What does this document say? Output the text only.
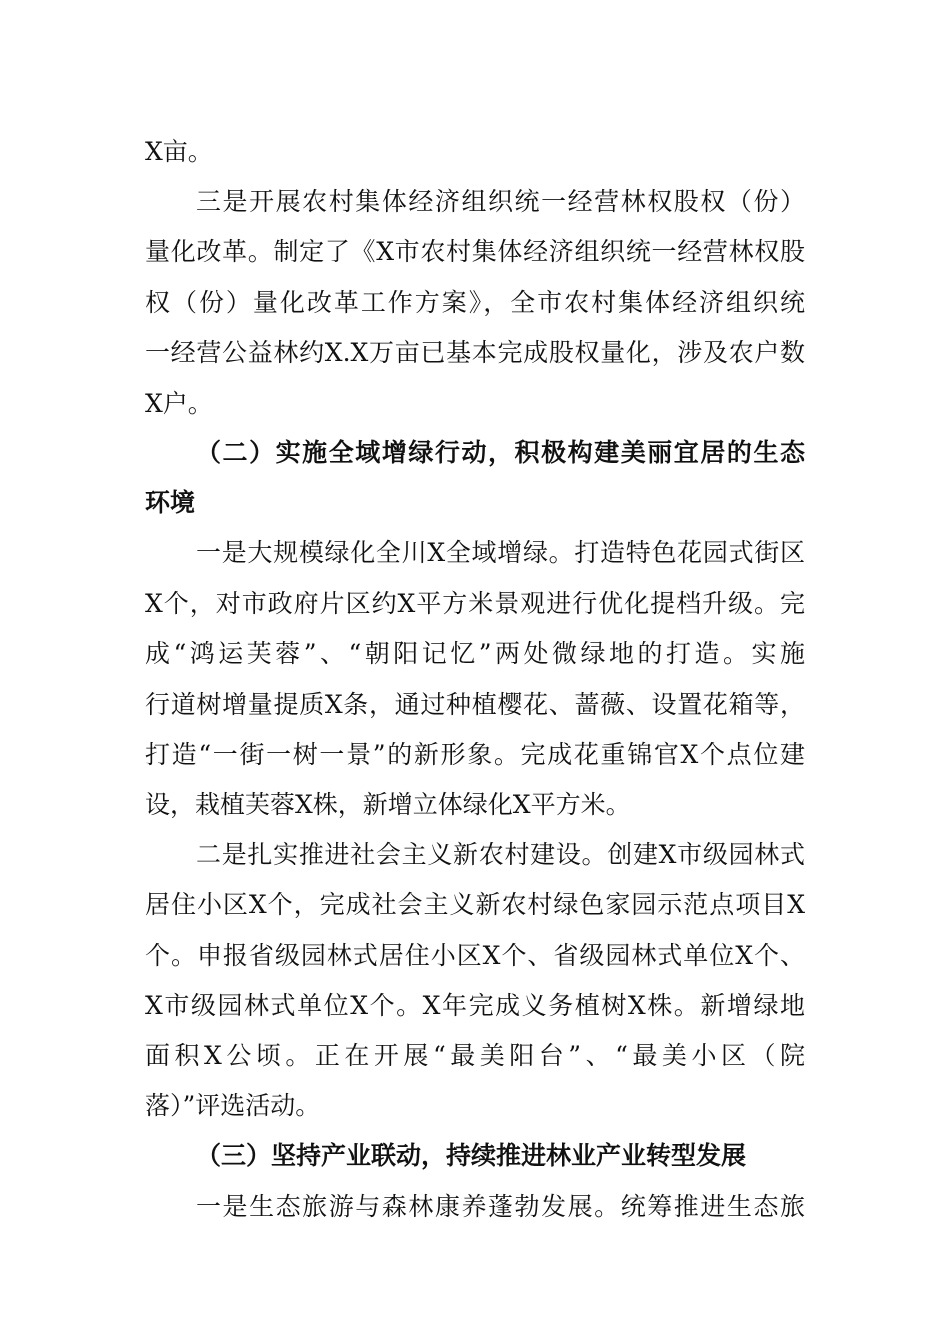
X亩。
三是开展农村集体经济组织统一经营林权股权（份）
量化改革。制定了《X市农村集体经济组织统一经营林权股
权（份）量化改革工作方案》，全市农村集体经济组织统
一经营公益林约X.X万亩已基本完成股权量化，涉及农户数
X户。
（二）实施全域增绿行动，积极构建美丽宜居的生态
环境
一是大规模绿化全川X全域增绿。打造特色花园式街区
X个，对市政府片区约X平方米景观进行优化提档升级。完
成“鸿运芙蓉”、“朝阳记忆”两处微绿地的打造。实施
行道树增量提质X条，通过种植樱花、蔷薇、设置花箱等，
打造“一街一树一景”的新形象。完成花重锦官X个点位建
设，栽植芙蓉X株，新增立体绿化X平方米。
二是扎实推进社会主义新农村建设。创建X市级园林式
居住小区X个，完成社会主义新农村绿色家园示范点项目X
个。申报省级园林式居住小区X个、省级园林式单位X个、
X市级园林式单位X个。X年完成义务植树X株。新增绿地
面积X公顷。正在开展“最美阳台”、“最美小区（院
落）”评选活动。
（三）坚持产业联动，持续推进林业产业转型发展
一是生态旅游与森林康养蓬勃发展。统筹推进生态旅
